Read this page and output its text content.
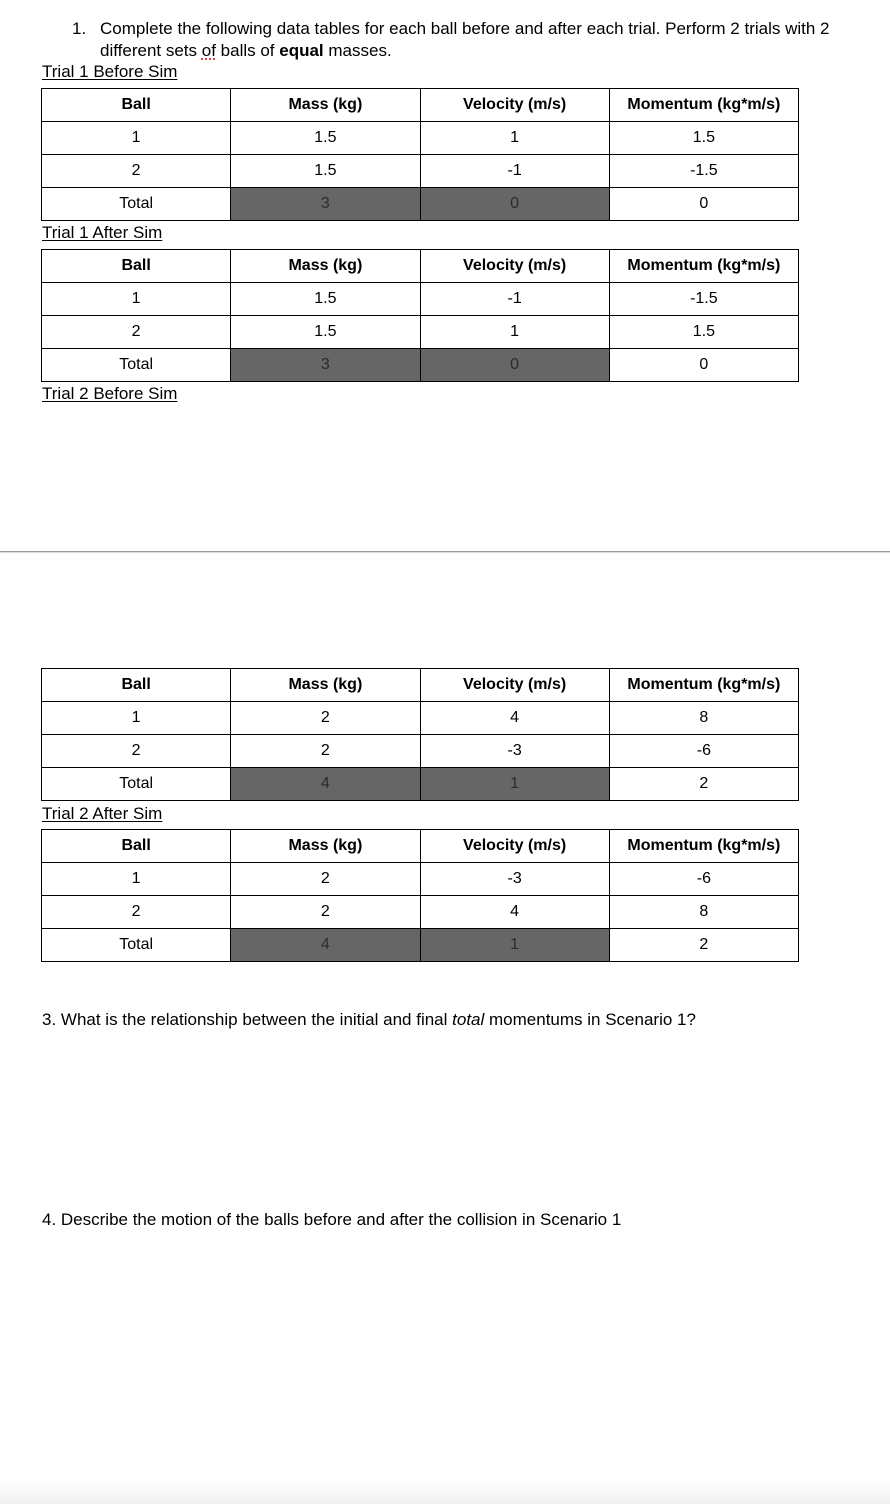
1. Complete the following data tables for each ball before and after each trial. Perform 2 trials with 2 different sets of balls of equal masses.
Trial 1 Before Sim
Ball	Mass (kg)	Velocity (m/s)	Momentum (kg*m/s)
1	1.5	1	1.5
2	1.5	-1	-1.5
Total	3	0	0
Trial 1 After Sim
Ball	Mass (kg)	Velocity (m/s)	Momentum (kg*m/s)
1	1.5	-1	-1.5
2	1.5	1	1.5
Total	3	0	0
Trial 2 Before Sim
Ball	Mass (kg)	Velocity (m/s)	Momentum (kg*m/s)
1	2	4	8
2	2	-3	-6
Total	4	1	2
Trial 2 After Sim
Ball	Mass (kg)	Velocity (m/s)	Momentum (kg*m/s)
1	2	-3	-6
2	2	4	8
Total	4	1	2
3. What is the relationship between the initial and final total momentums in Scenario 1?
4. Describe the motion of the balls before and after the collision in Scenario 1
